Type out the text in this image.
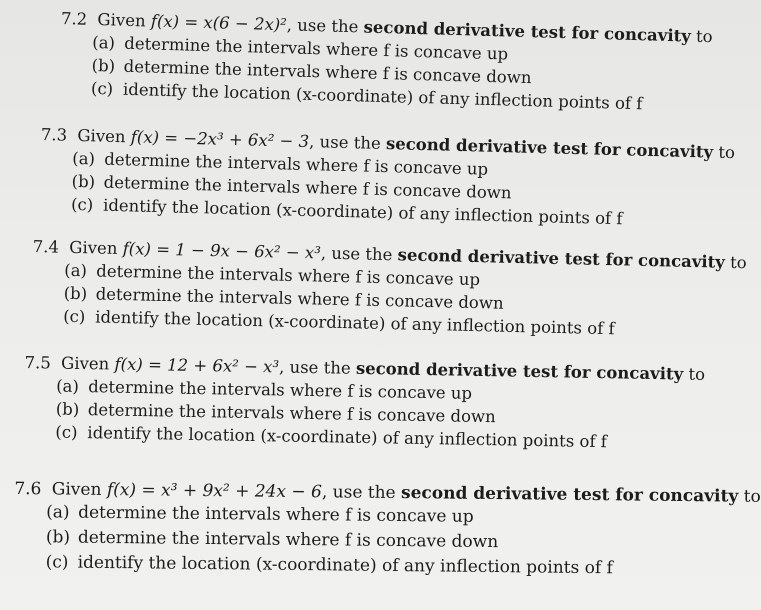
7.2 Given f(x) = x(6 − 2x)², use the second derivative test for concavity to
(a) determine the intervals where f is concave up
(b) determine the intervals where f is concave down
(c) identify the location (x-coordinate) of any inflection points of f
7.3 Given f(x) = −2x³ + 6x² − 3, use the second derivative test for concavity to
(a) determine the intervals where f is concave up
(b) determine the intervals where f is concave down
(c) identify the location (x-coordinate) of any inflection points of f
7.4 Given f(x) = 1 − 9x − 6x² − x³, use the second derivative test for concavity to
(a) determine the intervals where f is concave up
(b) determine the intervals where f is concave down
(c) identify the location (x-coordinate) of any inflection points of f
7.5 Given f(x) = 12 + 6x² − x³, use the second derivative test for concavity to
(a) determine the intervals where f is concave up
(b) determine the intervals where f is concave down
(c) identify the location (x-coordinate) of any inflection points of f
7.6 Given f(x) = x³ + 9x² + 24x − 6, use the second derivative test for concavity to
(a) determine the intervals where f is concave up
(b) determine the intervals where f is concave down
(c) identify the location (x-coordinate) of any inflection points of f
